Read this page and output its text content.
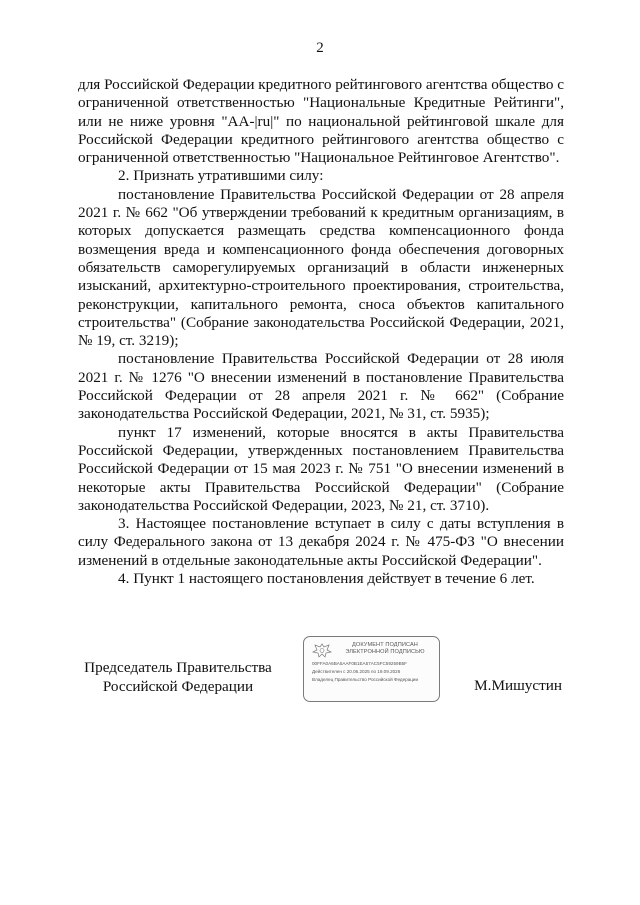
2

для Российской Федерации кредитного рейтингового агентства общество с ограниченной ответственностью "Национальные Кредитные Рейтинги", или не ниже уровня "АА-|ru|" по национальной рейтинговой шкале для Российской Федерации кредитного рейтингового агентства общество с ограниченной ответственностью "Национальное Рейтинговое Агентство".

2. Признать утратившими силу:

постановление Правительства Российской Федерации от 28 апреля 2021 г. № 662 "Об утверждении требований к кредитным организациям, в которых допускается размещать средства компенсационного фонда возмещения вреда и компенсационного фонда обеспечения договорных обязательств саморегулируемых организаций в области инженерных изысканий, архитектурно-строительного проектирования, строительства, реконструкции, капитального ремонта, сноса объектов капитального строительства" (Собрание законодательства Российской Федерации, 2021, № 19, ст. 3219);

постановление Правительства Российской Федерации от 28 июля 2021 г. № 1276 "О внесении изменений в постановление Правительства Российской Федерации от 28 апреля 2021 г. № 662" (Собрание законодательства Российской Федерации, 2021, № 31, ст. 5935);

пункт 17 изменений, которые вносятся в акты Правительства Российской Федерации, утвержденных постановлением Правительства Российской Федерации от 15 мая 2023 г. № 751 "О внесении изменений в некоторые акты Правительства Российской Федерации" (Собрание законодательства Российской Федерации, 2023, № 21, ст. 3710).

3. Настоящее постановление вступает в силу с даты вступления в силу Федерального закона от 13 декабря 2024 г. № 475-ФЗ "О внесении изменений в отдельные законодательные акты Российской Федерации".

4. Пункт 1 настоящего постановления действует в течение 6 лет.

Председатель Правительства
Российской Федерации
ДОКУМЕНТ ПОДПИСАН
ЭЛЕКТРОННОЙ ПОДПИСЬЮ
00FFA0A6BA5AAF0B1EA57AC5FC59259B5F
Действителен с 20.06.2025 по 19.09.2026
Владелец Правительство Российской Федерации	М.Мишустин
